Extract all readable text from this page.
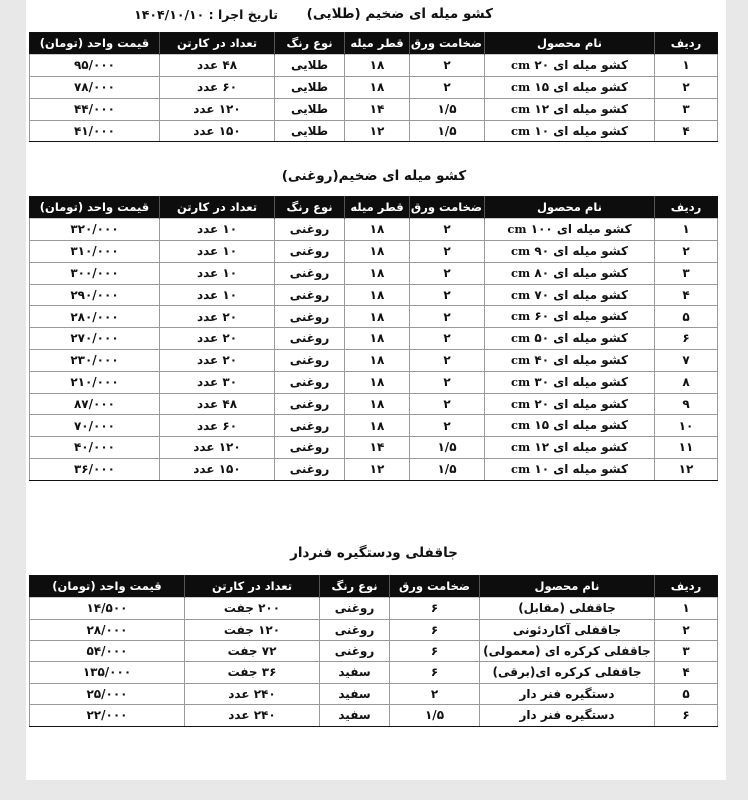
کشو میله ای ضخیم (طلایی)
تاریخ اجرا : ۱۴۰۴/۱۰/۱۰
ردیف	نام محصول	ضخامت ورق	قطر میله	نوع رنگ	تعداد در کارتن	قیمت واحد (تومان)
۱	کشو میله ای ۲۰ cm	۲	۱۸	طلایی	۴۸ عدد	۹۵/۰۰۰
۲	کشو میله ای ۱۵ cm	۲	۱۸	طلایی	۶۰ عدد	۷۸/۰۰۰
۳	کشو میله ای ۱۲ cm	۱/۵	۱۴	طلایی	۱۲۰ عدد	۴۴/۰۰۰
۴	کشو میله ای ۱۰ cm	۱/۵	۱۲	طلایی	۱۵۰ عدد	۴۱/۰۰۰
کشو میله ای ضخیم(روغنی)
ردیف	نام محصول	ضخامت ورق	قطر میله	نوع رنگ	تعداد در کارتن	قیمت واحد (تومان)
۱	کشو میله ای ۱۰۰ cm	۲	۱۸	روغنی	۱۰ عدد	۳۲۰/۰۰۰
۲	کشو میله ای ۹۰ cm	۲	۱۸	روغنی	۱۰ عدد	۳۱۰/۰۰۰
۳	کشو میله ای ۸۰ cm	۲	۱۸	روغنی	۱۰ عدد	۳۰۰/۰۰۰
۴	کشو میله ای ۷۰ cm	۲	۱۸	روغنی	۱۰ عدد	۲۹۰/۰۰۰
۵	کشو میله ای ۶۰ cm	۲	۱۸	روغنی	۲۰ عدد	۲۸۰/۰۰۰
۶	کشو میله ای ۵۰ cm	۲	۱۸	روغنی	۲۰ عدد	۲۷۰/۰۰۰
۷	کشو میله ای ۴۰ cm	۲	۱۸	روغنی	۲۰ عدد	۲۳۰/۰۰۰
۸	کشو میله ای ۳۰ cm	۲	۱۸	روغنی	۳۰ عدد	۲۱۰/۰۰۰
۹	کشو میله ای ۲۰ cm	۲	۱۸	روغنی	۴۸ عدد	۸۷/۰۰۰
۱۰	کشو میله ای ۱۵ cm	۲	۱۸	روغنی	۶۰ عدد	۷۰/۰۰۰
۱۱	کشو میله ای ۱۲ cm	۱/۵	۱۴	روغنی	۱۲۰ عدد	۴۰/۰۰۰
۱۲	کشو میله ای ۱۰ cm	۱/۵	۱۲	روغنی	۱۵۰ عدد	۳۶/۰۰۰
جاقفلی ودستگیره فنردار
ردیف	نام محصول	ضخامت ورق	نوع رنگ	تعداد در کارتن	قیمت واحد (تومان)
۱	جاقفلی (مقابل)	۶	روغنی	۲۰۰ جفت	۱۴/۵۰۰
۲	جاقفلی آکاردئونی	۶	روغنی	۱۲۰ جفت	۲۸/۰۰۰
۳	جاقفلی کرکره ای (معمولی)	۶	روغنی	۷۲ جفت	۵۴/۰۰۰
۴	جاقفلی کرکره ای(برقی)	۶	سفید	۳۶ جفت	۱۳۵/۰۰۰
۵	دستگیره فنر دار	۲	سفید	۲۴۰ عدد	۲۵/۰۰۰
۶	دستگیره فنر دار	۱/۵	سفید	۲۴۰ عدد	۲۲/۰۰۰
